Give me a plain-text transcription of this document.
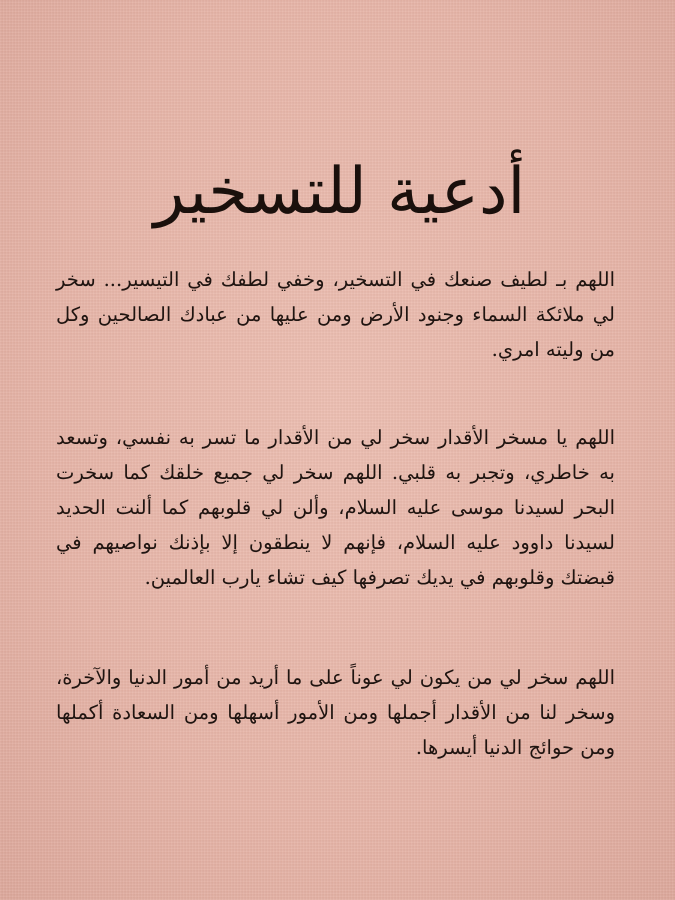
أدعية للتسخير

اللهم بـ لطيف صنعك في التسخير، وخفي لطفك في التيسير... سخر لي ملائكة السماء وجنود الأرض ومن عليها من عبادك الصالحين وكل من وليته امري.

اللهم يا مسخر الأقدار سخر لي من الأقدار ما تسر به نفسي، وتسعد به خاطري، وتجبر به قلبي. اللهم سخر لي جميع خلقك كما سخرت البحر لسيدنا موسى عليه السلام، وألن لي قلوبهم كما ألنت الحديد لسيدنا داوود عليه السلام، فإنهم لا ينطقون إلا بإذنك نواصيهم في قبضتك وقلوبهم في يديك تصرفها كيف تشاء يارب العالمين.

اللهم سخر لي من يكون لي عوناً على ما أريد من أمور الدنيا والآخرة، وسخر لنا من الأقدار أجملها ومن الأمور أسهلها ومن السعادة أكملها ومن حوائج الدنيا أيسرها.
